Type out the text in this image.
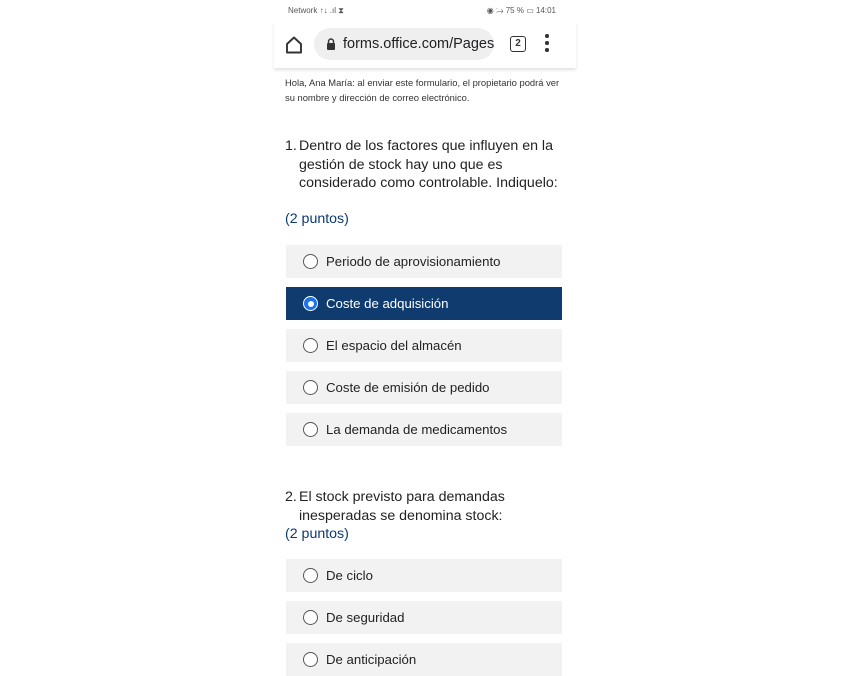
Network ↑↓ .ıl ⧗	◉ ⧴ 75 % ▭ 14:01
forms.office.com/Pages	2
Hola, Ana María: al enviar este formulario, el propietario podrá ver su nombre y dirección de correo electrónico.
1. Dentro de los factores que influyen en la gestión de stock hay uno que es considerado como controlable. Indiquelo:
(2 puntos)
Periodo de aprovisionamiento
Coste de adquisición
El espacio del almacén
Coste de emisión de pedido
La demanda de medicamentos
2. El stock previsto para demandas inesperadas se denomina stock:
(2 puntos)
De ciclo
De seguridad
De anticipación
